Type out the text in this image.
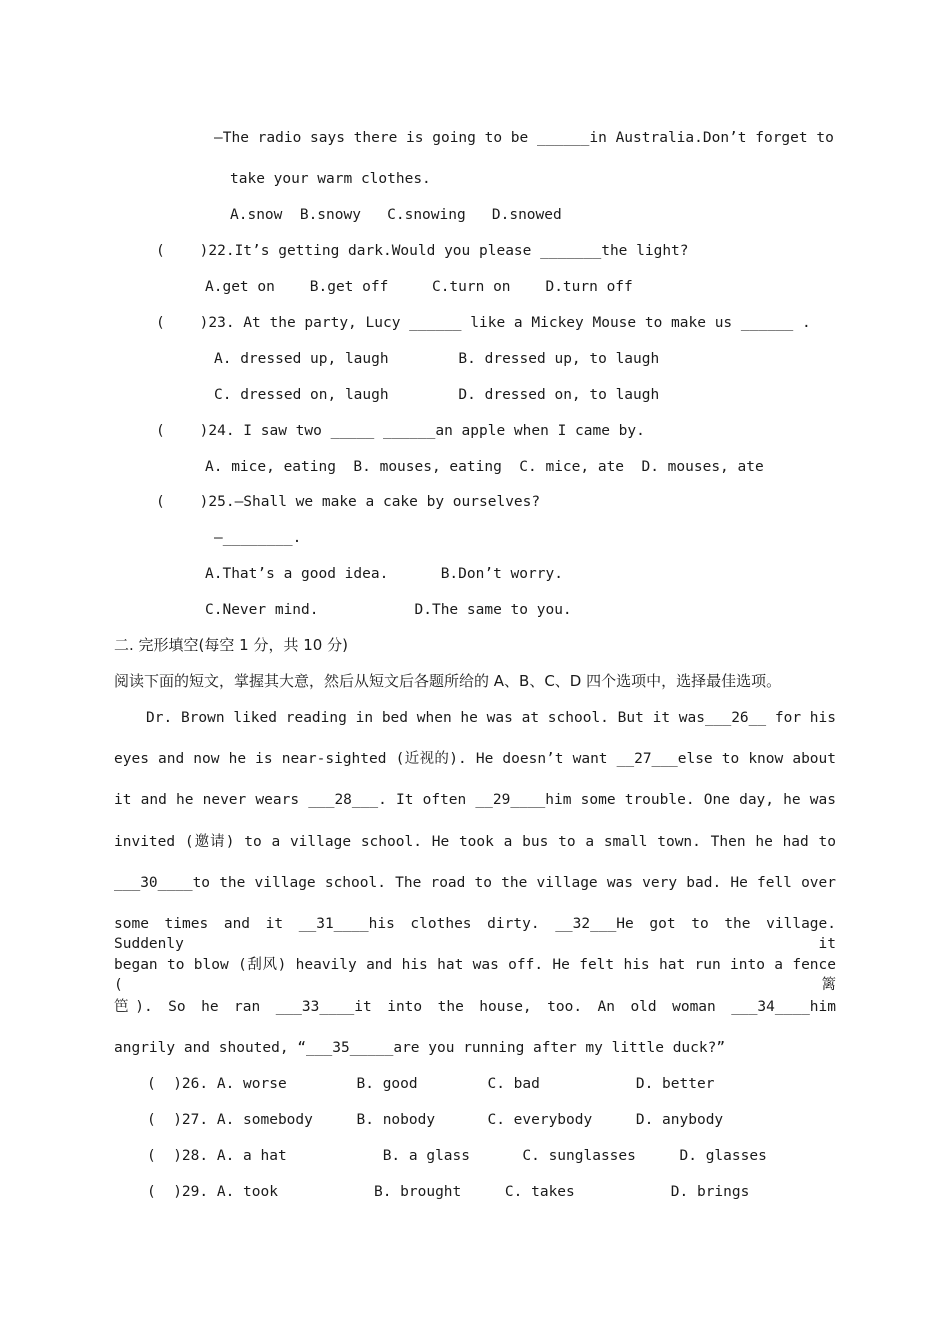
—The radio says there is going to be ______in Australia.Don’t forget to
take your warm clothes.
A.snow  B.snowy   C.snowing   D.snowed
(    )22.It’s getting dark.Would you please _______the light?
A.get on    B.get off     C.turn on    D.turn off
(    )23. At the party, Lucy ______ like a Mickey Mouse to make us ______ .
A. dressed up, laugh        B. dressed up, to laugh
C. dressed on, laugh        D. dressed on, to laugh
(    )24. I saw two _____ ______an apple when I came by.
A. mice, eating  B. mouses, eating  C. mice, ate  D. mouses, ate
(    )25.—Shall we make a cake by ourselves?
—________.
A.That’s a good idea.      B.Don’t worry.
C.Never mind.           D.The same to you.
二. 完形填空(每空 1 分，共 10 分)
阅读下面的短文，掌握其大意，然后从短文后各题所给的 A、B、C、D 四个选项中，选择最佳选项。
Dr. Brown liked reading in bed when he was at school. But it was___26__ for his
eyes and now he is near-sighted (近视的). He doesn’t want __27___else to know about
it and he never wears ___28___. It often __29____him some trouble. One day, he was
invited (邀请) to a village school. He took a bus to a small town. Then he had to
___30____to the village school. The road to the village was very bad. He fell over
some times and it __31____his clothes dirty. __32___He got to the village. Suddenly it
began to blow (刮风) heavily and his hat was off. He felt his hat run into a fence (篱
笆). So he ran ___33____it into the house, too. An old woman ___34____him
angrily and shouted, “___35_____are you running after my little duck?”
(  )26. A. worse        B. good        C. bad           D. better
(  )27. A. somebody     B. nobody      C. everybody     D. anybody
(  )28. A. a hat           B. a glass      C. sunglasses     D. glasses
(  )29. A. took           B. brought     C. takes           D. brings
